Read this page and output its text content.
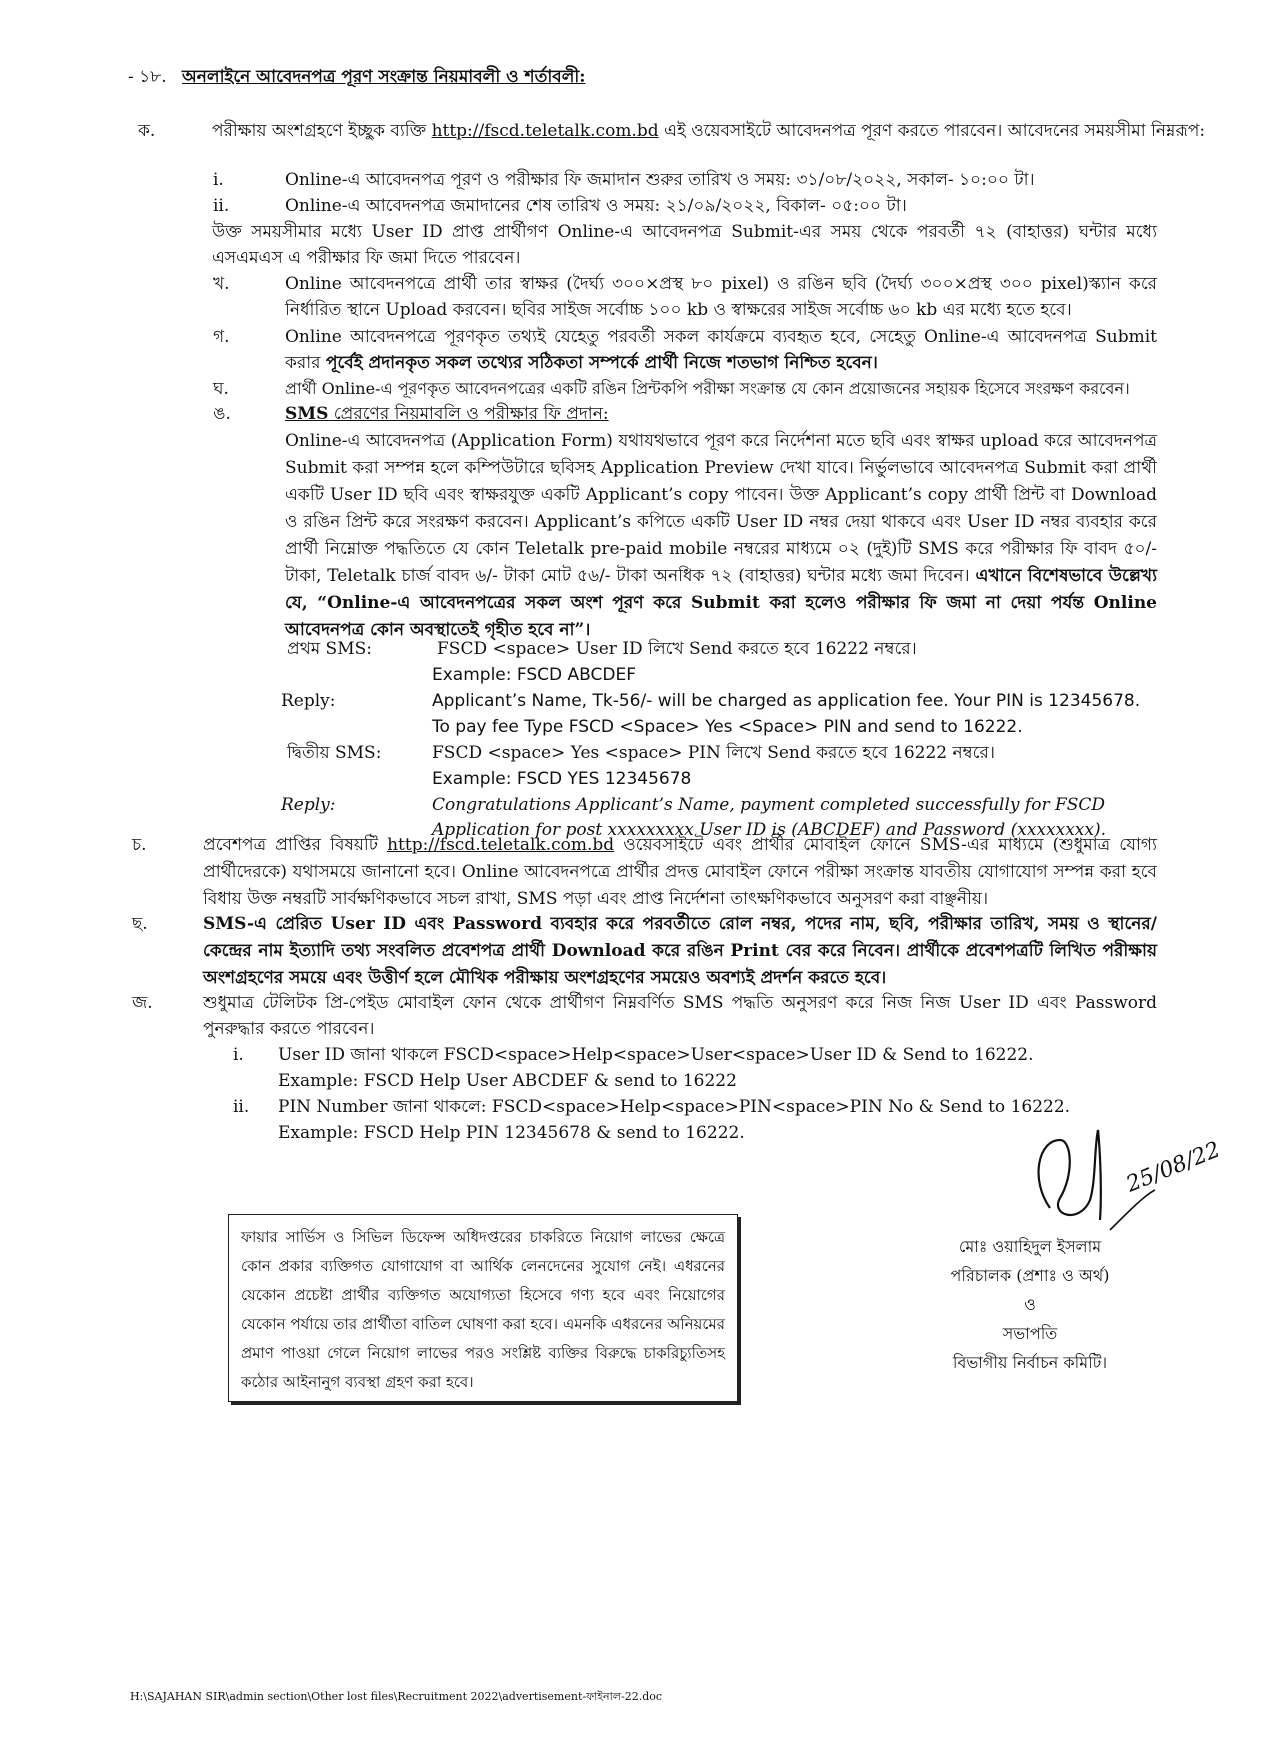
- ১৮. অনলাইনে আবেদনপত্র পূরণ সংক্রান্ত নিয়মাবলী ও শর্তাবলী:
ক.	পরীক্ষায় অংশগ্রহণে ইচ্ছুক ব্যক্তি http://fscd.teletalk.com.bd এই ওয়েবসাইটে আবেদনপত্র পূরণ করতে পারবেন। আবেদনের সময়সীমা নিম্নরূপ:
i.	Online-এ আবেদনপত্র পূরণ ও পরীক্ষার ফি জমাদান শুরুর তারিখ ও সময়: ৩১/০৮/২০২২, সকাল- ১০:০০ টা।
ii.	Online-এ আবেদনপত্র জমাদানের শেষ তারিখ ও সময়: ২১/০৯/২০২২, বিকাল- ০৫:০০ টা।
উক্ত সময়সীমার মধ্যে User ID প্রাপ্ত প্রার্থীগণ Online-এ আবেদনপত্র Submit-এর সময় থেকে পরবর্তী ৭২ (বাহাত্তর) ঘন্টার মধ্যে এসএমএস এ পরীক্ষার ফি জমা দিতে পারবেন।
খ.	Online আবেদনপত্রে প্রার্থী তার স্বাক্ষর (দৈর্ঘ্য ৩০০×প্রস্থ ৮০ pixel) ও রঙিন ছবি (দৈর্ঘ্য ৩০০×প্রস্থ ৩০০ pixel)স্ক্যান করে নির্ধারিত স্থানে Upload করবেন। ছবির সাইজ সর্বোচ্চ ১০০ kb ও স্বাক্ষরের সাইজ সর্বোচ্চ ৬০ kb এর মধ্যে হতে হবে।
গ.	Online আবেদনপত্রে পূরণকৃত তথ্যই যেহেতু পরবর্তী সকল কার্যক্রমে ব্যবহৃত হবে, সেহেতু Online-এ আবেদনপত্র Submit করার পূর্বেই প্রদানকৃত সকল তথ্যের সঠিকতা সম্পর্কে প্রার্থী নিজে শতভাগ নিশ্চিত হবেন।
ঘ.	প্রার্থী Online-এ পূরণকৃত আবেদনপত্রের একটি রঙিন প্রিন্টকপি পরীক্ষা সংক্রান্ত যে কোন প্রয়োজনের সহায়ক হিসেবে সংরক্ষণ করবেন।
ঙ.	SMS প্রেরণের নিয়মাবলি ও পরীক্ষার ফি প্রদান:
Online-এ আবেদনপত্র (Application Form) যথাযথভাবে পূরণ করে নির্দেশনা মতে ছবি এবং স্বাক্ষর upload করে আবেদনপত্র Submit করা সম্পন্ন হলে কম্পিউটারে ছবিসহ Application Preview দেখা যাবে। নির্ভুলভাবে আবেদনপত্র Submit করা প্রার্থী একটি User ID ছবি এবং স্বাক্ষরযুক্ত একটি Applicant’s copy পাবেন। উক্ত Applicant’s copy প্রার্থী প্রিন্ট বা Download ও রঙিন প্রিন্ট করে সংরক্ষণ করবেন। Applicant’s কপিতে একটি User ID নম্বর দেয়া থাকবে এবং User ID নম্বর ব্যবহার করে প্রার্থী নিম্নোক্ত পদ্ধতিতে যে কোন Teletalk pre-paid mobile নম্বরের মাধ্যমে ০২ (দুই)টি SMS করে পরীক্ষার ফি বাবদ ৫০/- টাকা, Teletalk চার্জ বাবদ ৬/- টাকা মোট ৫৬/- টাকা অনধিক ৭২ (বাহাত্তর) ঘন্টার মধ্যে জমা দিবেন। এখানে বিশেষভাবে উল্লেখ্য যে, “Online-এ আবেদনপত্রের সকল অংশ পূরণ করে Submit করা হলেও পরীক্ষার ফি জমা না দেয়া পর্যন্ত Online আবেদনপত্র কোন অবস্থাতেই গৃহীত হবে না”।
প্রথম SMS:	FSCD <space> User ID লিখে Send করতে হবে 16222 নম্বরে।
Example: FSCD ABCDEF
Reply:	Applicant’s Name, Tk-56/- will be charged as application fee. Your PIN is 12345678.
To pay fee Type FSCD <Space> Yes <Space> PIN and send to 16222.
দ্বিতীয় SMS:	FSCD <space> Yes <space> PIN লিখে Send করতে হবে 16222 নম্বরে।
Example: FSCD YES 12345678
Reply:	Congratulations Applicant’s Name, payment completed successfully for FSCD
Application for post xxxxxxxxx User ID is (ABCDEF) and Password (xxxxxxxx).
চ.	প্রবেশপত্র প্রাপ্তির বিষয়টি http://fscd.teletalk.com.bd ওয়েবসাইটে এবং প্রার্থীর মোবাইল ফোনে SMS-এর মাধ্যমে (শুধুমাত্র যোগ্য প্রার্থীদেরকে) যথাসময়ে জানানো হবে। Online আবেদনপত্রে প্রার্থীর প্রদত্ত মোবাইল ফোনে পরীক্ষা সংক্রান্ত যাবতীয় যোগাযোগ সম্পন্ন করা হবে বিধায় উক্ত নম্বরটি সার্বক্ষণিকভাবে সচল রাখা, SMS পড়া এবং প্রাপ্ত নির্দেশনা তাৎক্ষণিকভাবে অনুসরণ করা বাঞ্ছনীয়।
ছ.	SMS-এ প্রেরিত User ID এবং Password ব্যবহার করে পরবর্তীতে রোল নম্বর, পদের নাম, ছবি, পরীক্ষার তারিখ, সময় ও স্থানের/কেন্দ্রের নাম ইত্যাদি তথ্য সংবলিত প্রবেশপত্র প্রার্থী Download করে রঙিন Print বের করে নিবেন। প্রার্থীকে প্রবেশপত্রটি লিখিত পরীক্ষায় অংশগ্রহণের সময়ে এবং উত্তীর্ণ হলে মৌখিক পরীক্ষায় অংশগ্রহণের সময়েও অবশ্যই প্রদর্শন করতে হবে।
জ.	শুধুমাত্র টেলিটক প্রি-পেইড মোবাইল ফোন থেকে প্রার্থীগণ নিম্নবর্ণিত SMS পদ্ধতি অনুসরণ করে নিজ নিজ User ID এবং Password পুনরুদ্ধার করতে পারবেন।
i. User ID জানা থাকলে FSCD<space>Help<space>User<space>User ID & Send to 16222.
Example: FSCD Help User ABCDEF & send to 16222
ii. PIN Number জানা থাকলে: FSCD<space>Help<space>PIN<space>PIN No & Send to 16222.
Example: FSCD Help PIN 12345678 & send to 16222.

ফায়ার সার্ভিস ও সিভিল ডিফেন্স অধিদপ্তরের চাকরিতে নিয়োগ লাভের ক্ষেত্রে কোন প্রকার ব্যক্তিগত যোগাযোগ বা আর্থিক লেনদেনের সুযোগ নেই। এধরনের যেকোন প্রচেষ্টা প্রার্থীর ব্যক্তিগত অযোগ্যতা হিসেবে গণ্য হবে এবং নিয়োগের যেকোন পর্যায়ে তার প্রার্থীতা বাতিল ঘোষণা করা হবে। এমনকি এধরনের অনিয়মের প্রমাণ পাওয়া গেলে নিয়োগ লাভের পরও সংশ্লিষ্ট ব্যক্তির বিরুদ্ধে চাকরিচ্যুতিসহ কঠোর আইনানুগ ব্যবস্থা গ্রহণ করা হবে।

25/08/22
মোঃ ওয়াহিদুল ইসলাম
পরিচালক (প্রশাঃ ও অর্থ)
ও
সভাপতি
বিভাগীয় নির্বাচন কমিটি।
H:\SAJAHAN SIR\admin section\Other lost files\Recruitment 2022\advertisement-ফাইনাল-22.doc
